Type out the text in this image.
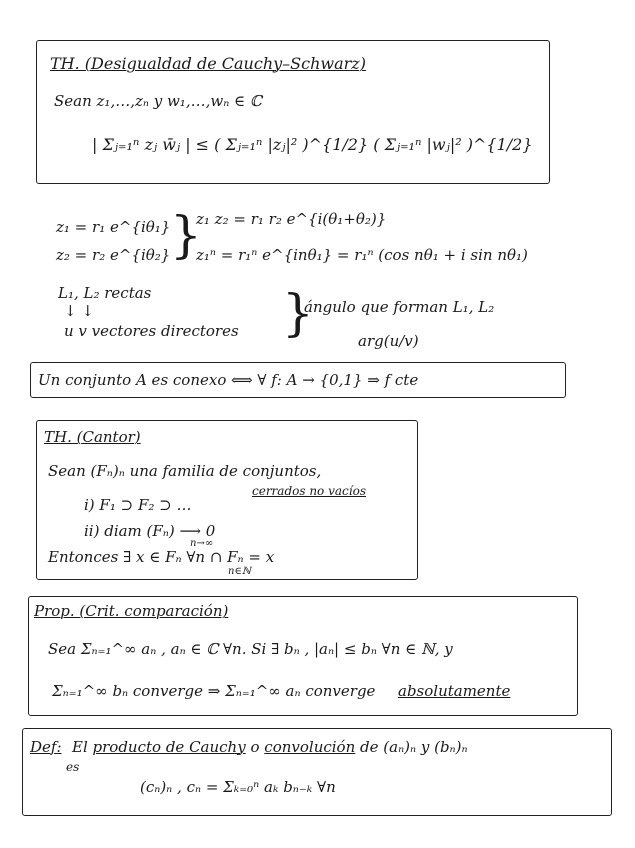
TH. (Desigualdad de Cauchy–Schwarz)
Sean z₁,…,zₙ y w₁,…,wₙ ∈ ℂ
| Σⱼ₌₁ⁿ zⱼ w̄ⱼ | ≤ ( Σⱼ₌₁ⁿ |zⱼ|² )^{1/2} ( Σⱼ₌₁ⁿ |wⱼ|² )^{1/2}
z₁ = r₁ e^{iθ₁}
z₂ = r₂ e^{iθ₂} }
z₁ z₂ = r₁ r₂ e^{i(θ₁+θ₂)}
z₁ⁿ = r₁ⁿ e^{inθ₁} = r₁ⁿ (cos nθ₁ + i sin nθ₁)
L₁, L₂ rectas
↓ ↓
u v vectores directores }
ángulo que forman L₁, L₂
arg(u/v)
Un conjunto A es conexo ⟺ ∀ f: A → {0,1} ⇒ f cte
TH. (Cantor)
Sean (Fₙ)ₙ una familia de conjuntos,
cerrados no vacíos
i) F₁ ⊃ F₂ ⊃ …
ii) diam (Fₙ) ⟶ 0
n→∞
Entonces ∃ x ∈ Fₙ ∀n ∩ Fₙ = x
n∈ℕ
Prop. (Crit. comparación)
Sea Σₙ₌₁^∞ aₙ , aₙ ∈ ℂ ∀n. Si ∃ bₙ , |aₙ| ≤ bₙ ∀n ∈ ℕ, y
Σₙ₌₁^∞ bₙ converge ⇒ Σₙ₌₁^∞ aₙ converge absolutamente
Def: El producto de Cauchy o convolución de (aₙ)ₙ y (bₙ)ₙ
es
(cₙ)ₙ , cₙ = Σₖ₌₀ⁿ aₖ bₙ₋ₖ ∀n
